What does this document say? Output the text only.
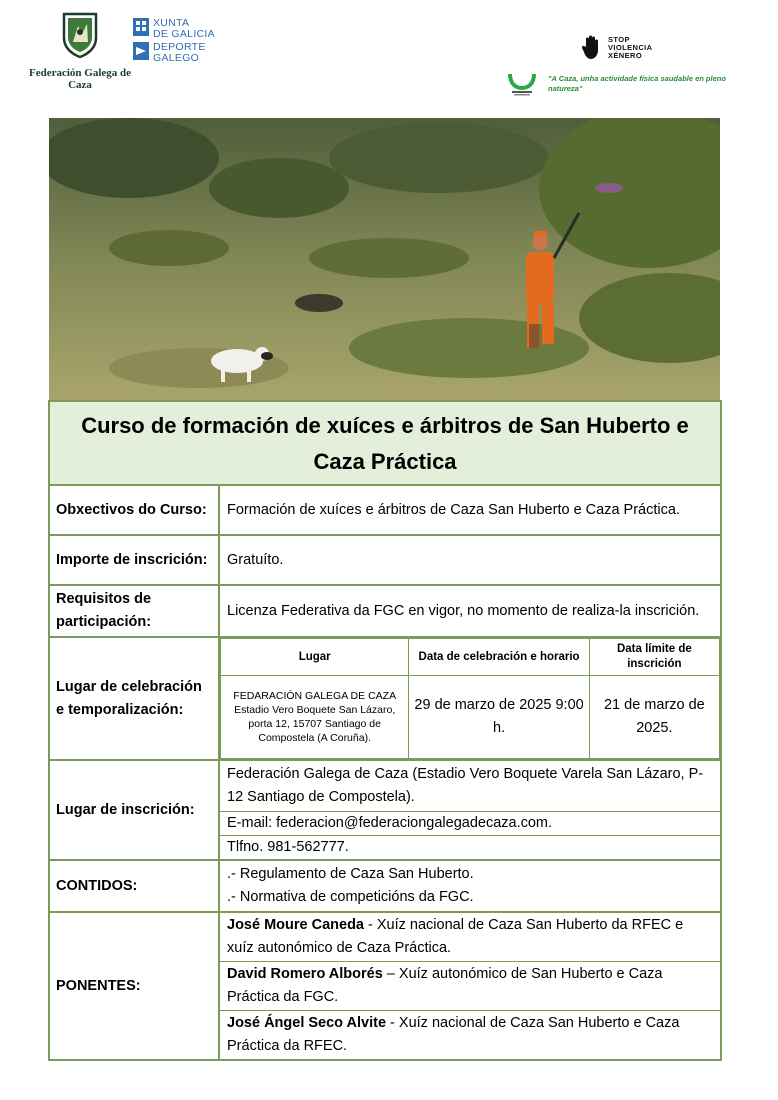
Federación Galega de Caza
XUNTA
DE GALICIA
DEPORTE
GALEGO
STOP
VIOLENCIA
XÉNERO
"A Caza, unha actividade física saudable en pleno natureza"
Curso de formación de xuíces e árbitros de San Huberto e Caza Práctica
Obxectivos do Curso:	Formación de xuíces e árbitros de Caza San Huberto e Caza Práctica.
Importe de inscrición:	Gratuíto.
Requisitos de participación:	Licenza Federativa da FGC en vigor, no momento de realiza-la inscrición.
Lugar de celebración e temporalización:	
Lugar	Data de celebración e horario	Data límite de inscrición
FEDARACIÓN GALEGA DE CAZA Estadio Vero Boquete San Lázaro, porta 12, 15707 Santiago de Compostela (A Coruña).	29 de marzo de 2025 9:00 h.	21 de marzo de 2025.

Lugar de inscrición:	
Federación Galega de Caza (Estadio Vero Boquete Varela San Lázaro, P-12 Santiago de Compostela).
E-mail: federacion@federaciongalegadecaza.com.
Tlfno. 981-562777.

CONTIDOS:	
.- Regulamento de Caza San Huberto.
.- Normativa de competicións da FGC.

PONENTES:	
José Moure Caneda - Xuíz nacional de Caza San Huberto da RFEC e xuíz autonómico de Caza Práctica.
David Romero Alborés – Xuíz autonómico de San Huberto e Caza Práctica da FGC.
José Ángel Seco Alvite - Xuíz nacional de Caza San Huberto e Caza Práctica da RFEC.
